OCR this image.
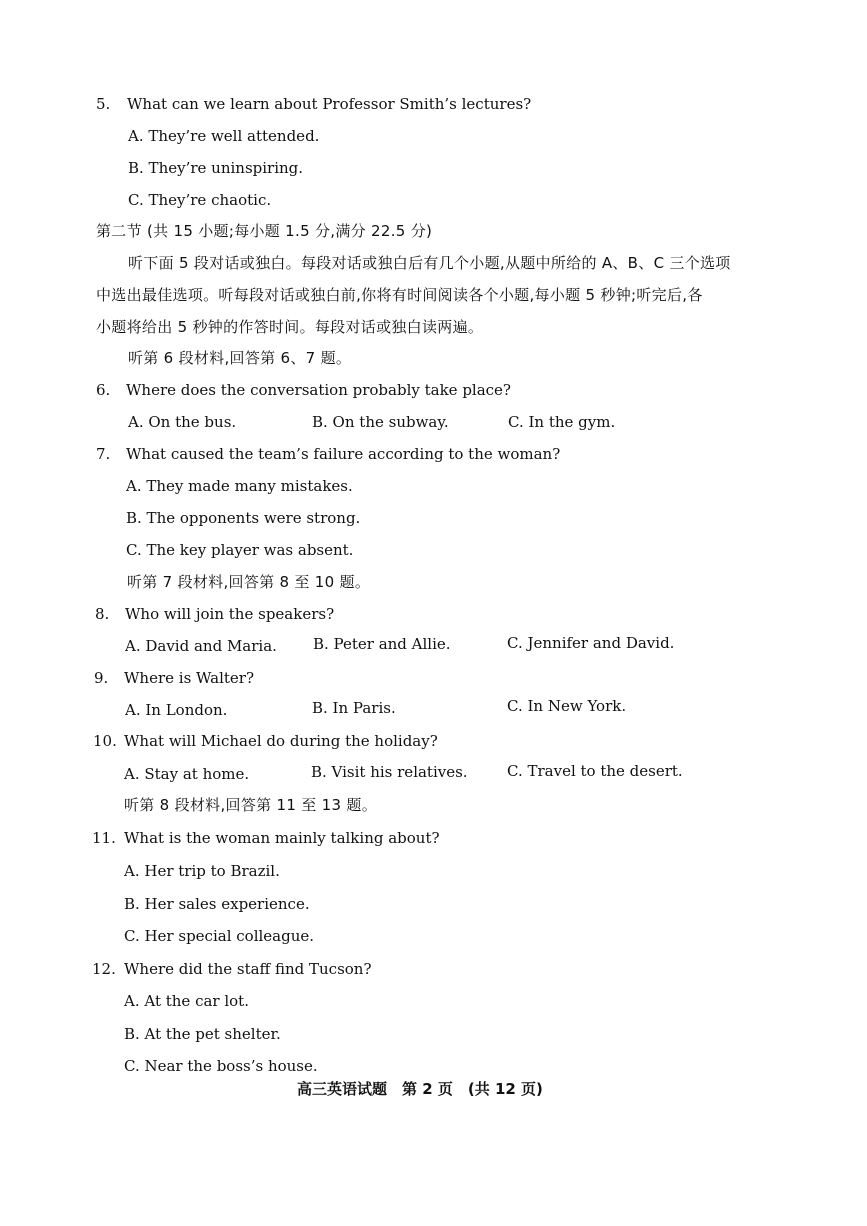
5. What can we learn about Professor Smith’s lectures?
A. They’re well attended.
B. They’re uninspiring.
C. They’re chaotic.
第二节 (共 15 小题;每小题 1.5 分,满分 22.5 分)
听下面 5 段对话或独白。每段对话或独白后有几个小题,从题中所给的 A、B、C 三个选项
中选出最佳选项。听每段对话或独白前,你将有时间阅读各个小题,每小题 5 秒钟;听完后,各
小题将给出 5 秒钟的作答时间。每段对话或独白读两遍。
听第 6 段材料,回答第 6、7 题。
6. Where does the conversation probably take place?
A. On the bus.	B. On the subway.	C. In the gym.
7. What caused the team’s failure according to the woman?
A. They made many mistakes.
B. The opponents were strong.
C. The key player was absent.
听第 7 段材料,回答第 8 至 10 题。
8. Who will join the speakers?
A. David and Maria. B. Peter and Allie.	C. Jennifer and David.
9. Where is Walter?
A. In London.	B. In Paris.	C. In New York.
10. What will Michael do during the holiday?
A. Stay at home.	B. Visit his relatives.	C. Travel to the desert.
听第 8 段材料,回答第 11 至 13 题。
11. What is the woman mainly talking about?
A. Her trip to Brazil.
B. Her sales experience.
C. Her special colleague.
12. Where did the staff find Tucson?
A. At the car lot.
B. At the pet shelter.
C. Near the boss’s house.
高三英语试题　第 2 页　(共 12 页)
